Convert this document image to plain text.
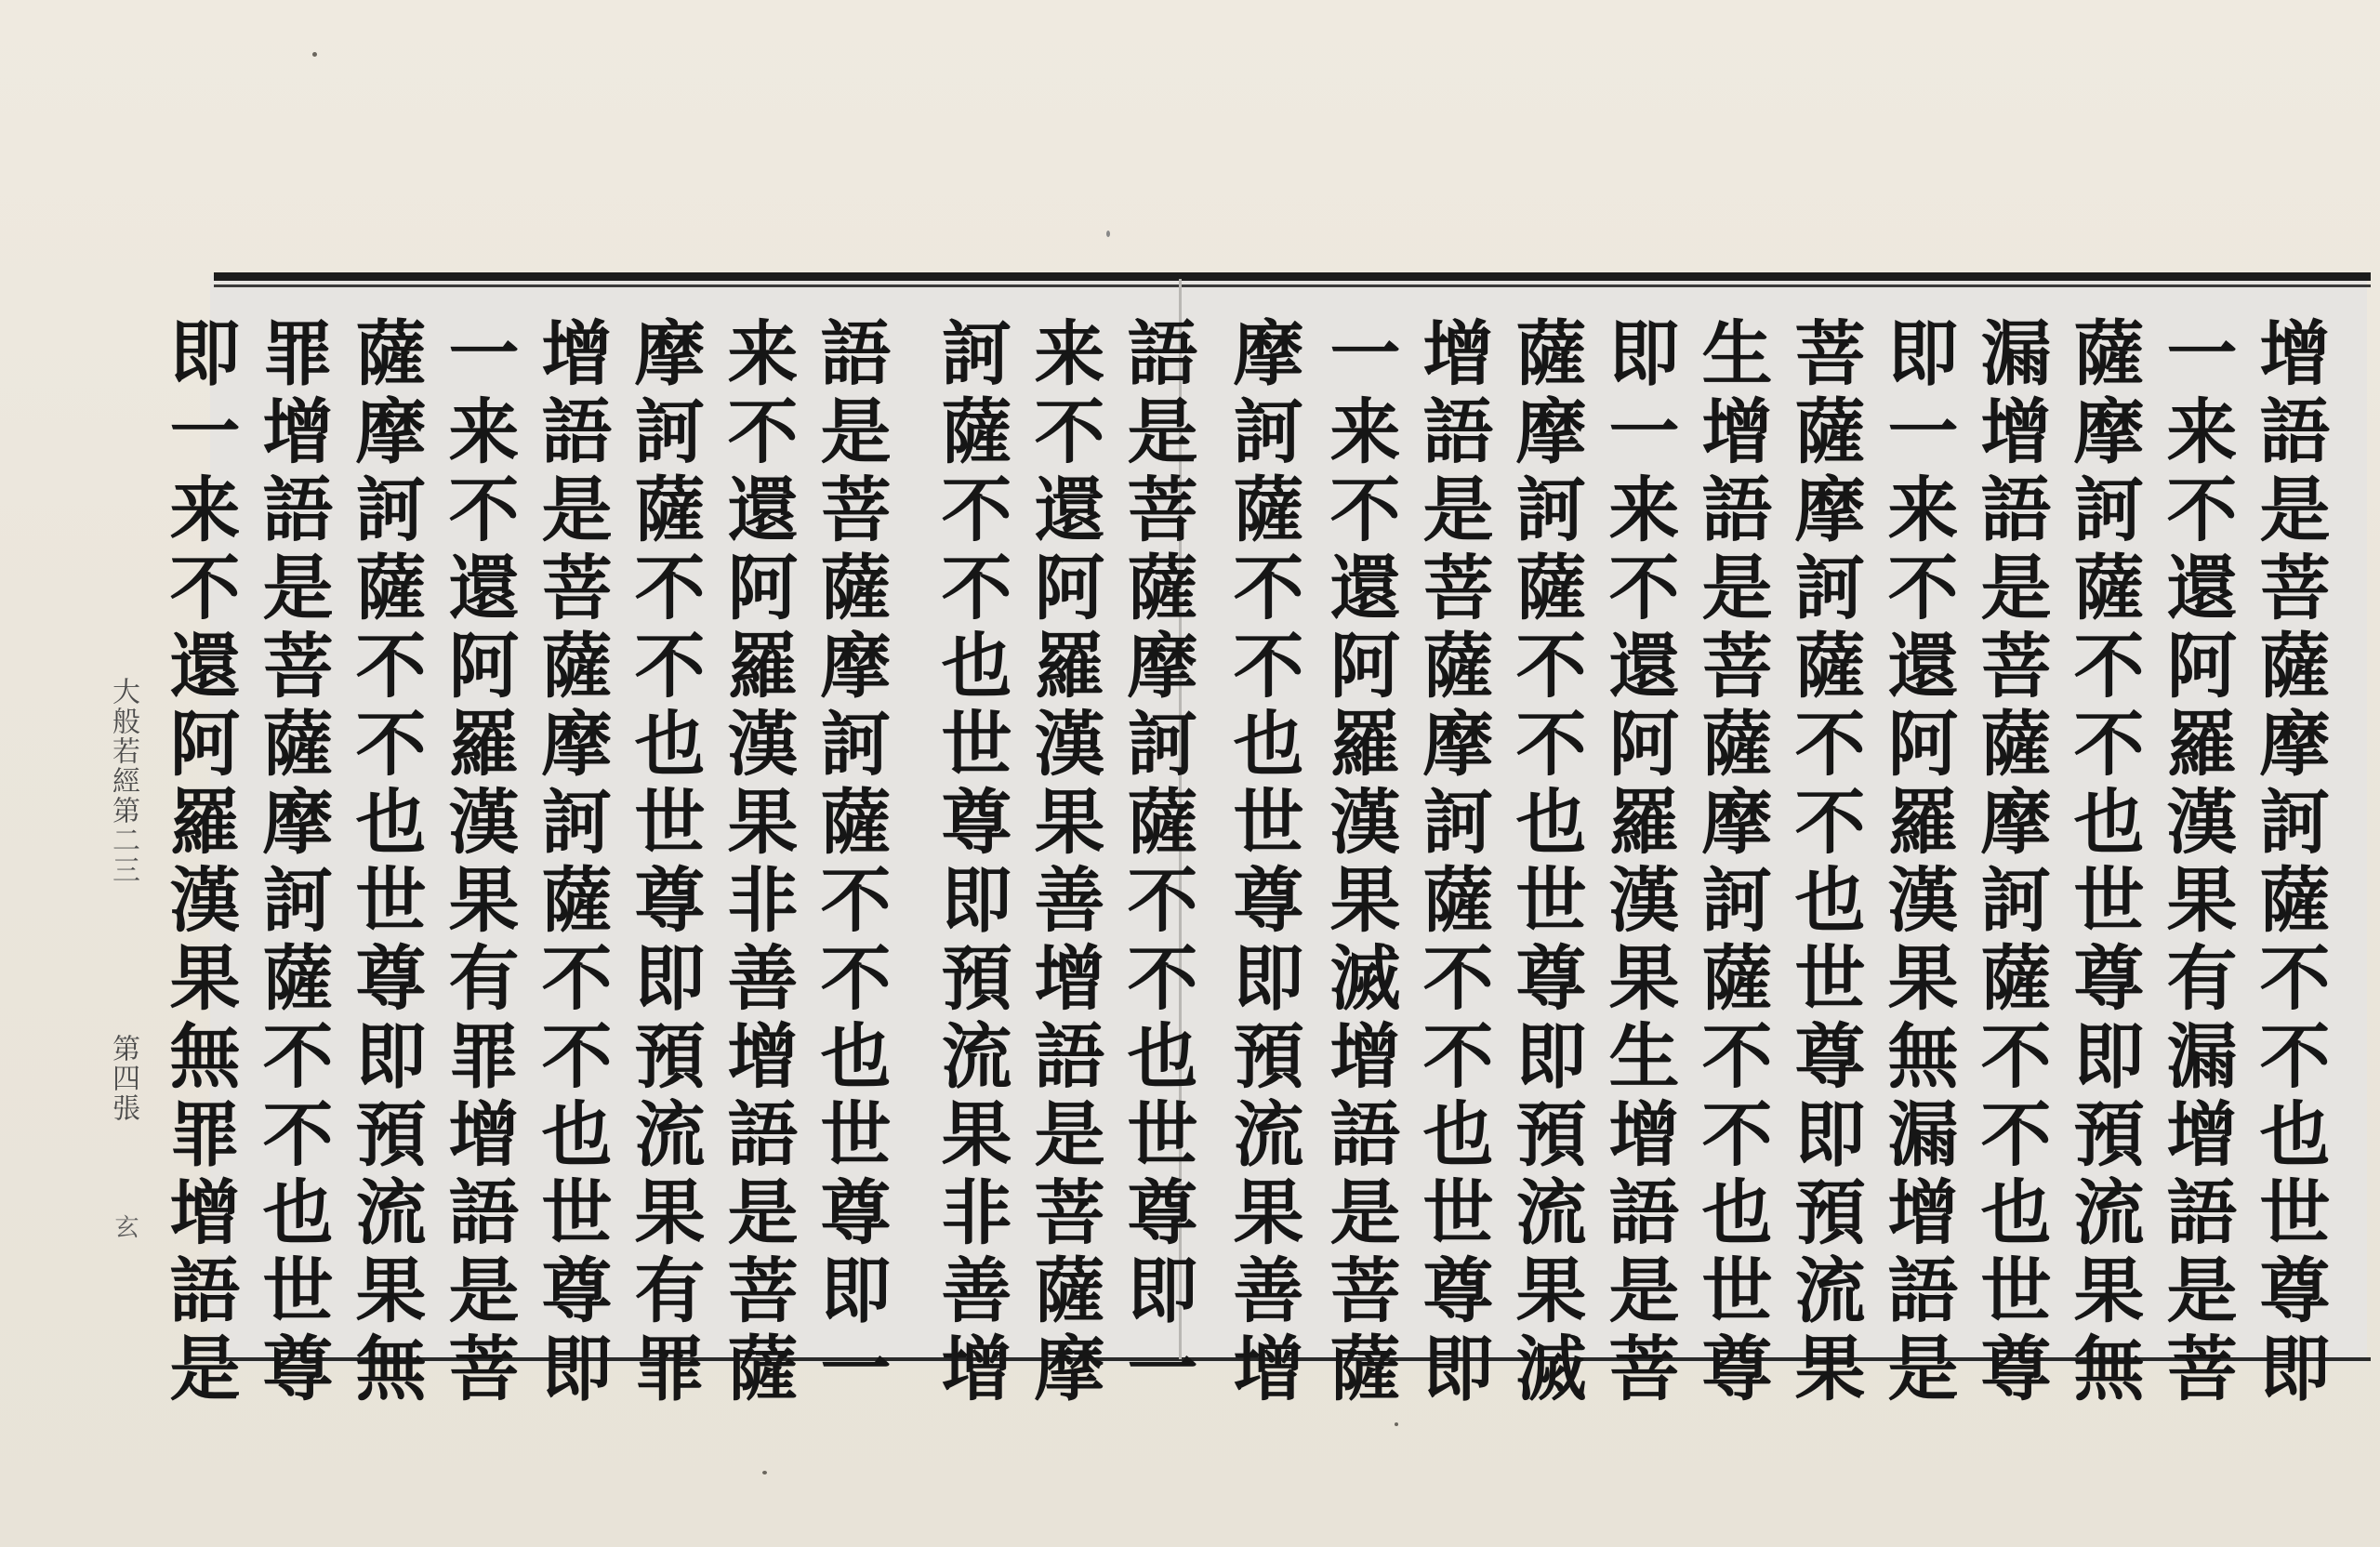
增語是菩薩摩訶薩不不也世尊即
一来不還阿羅漢果有漏增語是菩
薩摩訶薩不不也世尊即預流果無
漏增語是菩薩摩訶薩不不也世尊
即一来不還阿羅漢果無漏增語是
菩薩摩訶薩不不也世尊即預流果
生增語是菩薩摩訶薩不不也世尊
即一来不還阿羅漢果生增語是菩
薩摩訶薩不不也世尊即預流果滅
增語是菩薩摩訶薩不不也世尊即
一来不還阿羅漢果滅增語是菩薩
摩訶薩不不也世尊即預流果善增
語是菩薩摩訶薩不不也世尊即一
来不還阿羅漢果善增語是菩薩摩
訶薩不不也世尊即預流果非善增
語是菩薩摩訶薩不不也世尊即一
来不還阿羅漢果非善增語是菩薩
摩訶薩不不也世尊即預流果有罪
增語是菩薩摩訶薩不不也世尊即
一来不還阿羅漢果有罪增語是菩
薩摩訶薩不不也世尊即預流果無
罪增語是菩薩摩訶薩不不也世尊
即一来不還阿羅漢果無罪增語是
大般若經第二三
第四張
玄
